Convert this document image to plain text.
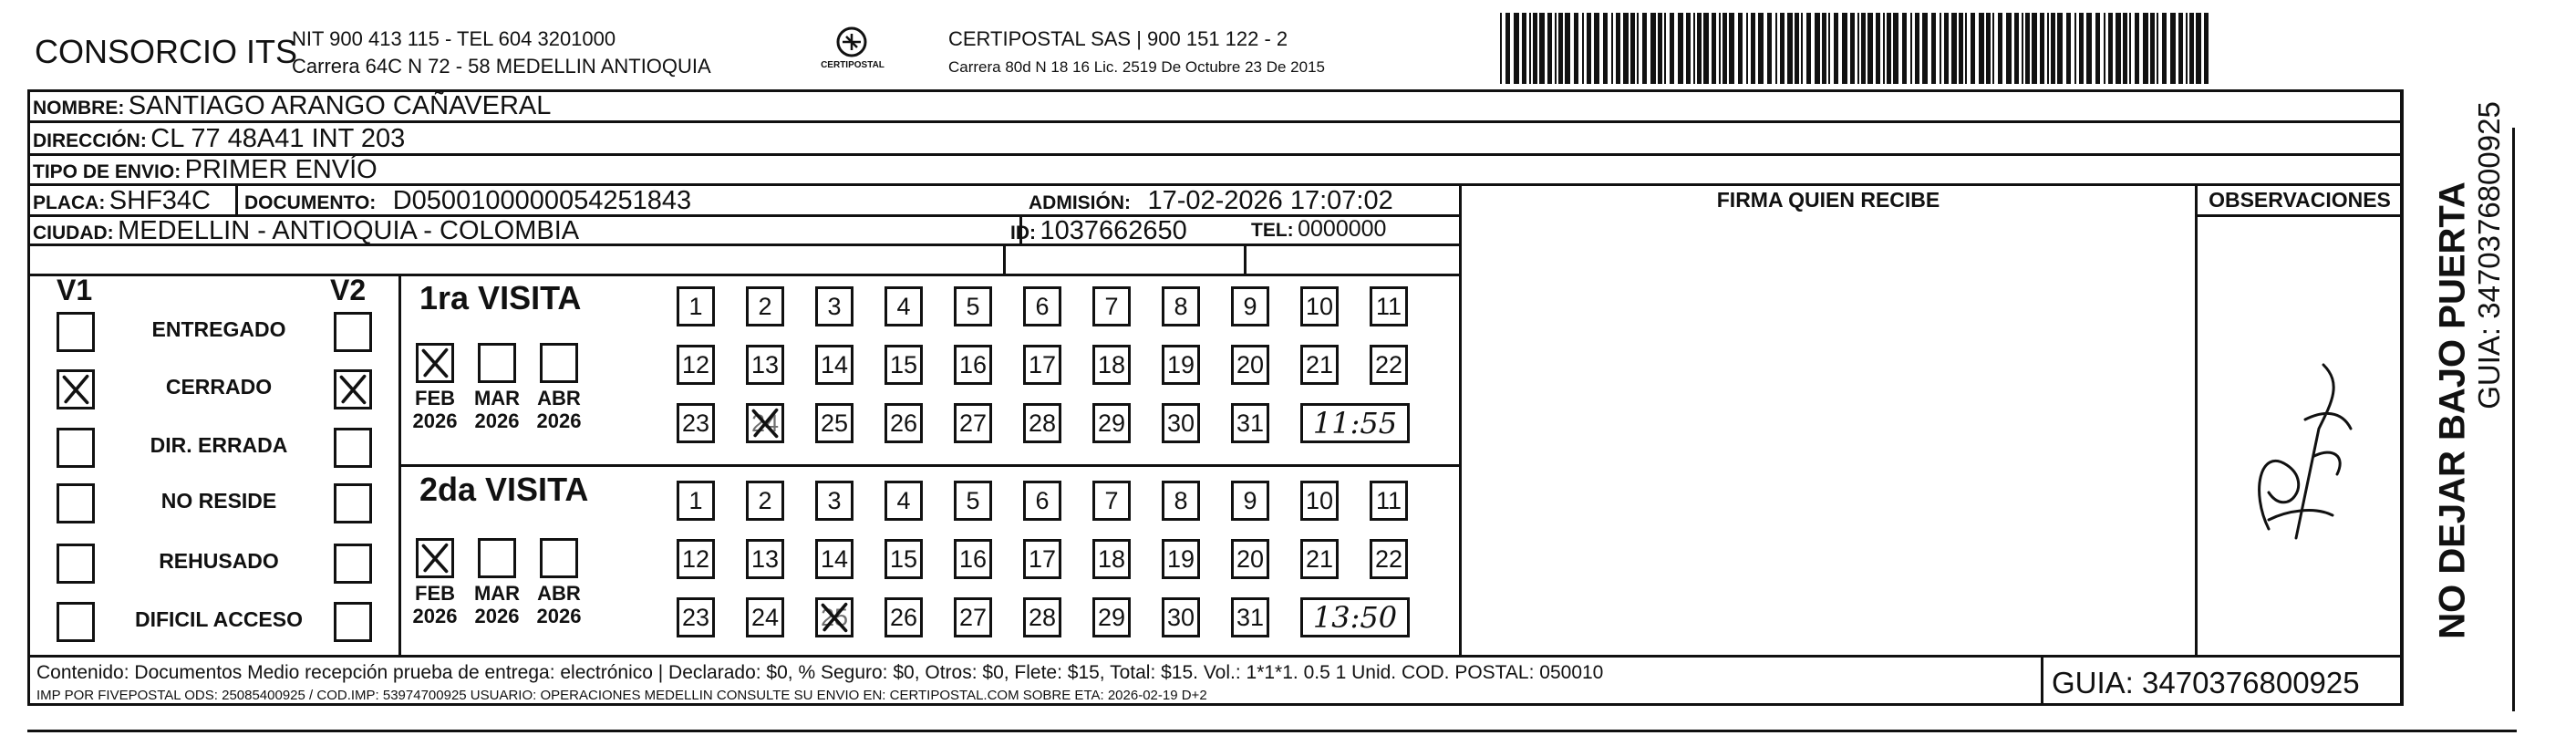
CONSORCIO ITS
NIT 900 413 115 - TEL 604 3201000
Carrera 64C N 72 - 58 MEDELLIN ANTIOQUIA	CERTIPOSTAL
CERTIPOSTAL SAS | 900 151 122 - 2
Carrera 80d N 18 16 Lic. 2519 De Octubre 23 De 2015
NOMBRE: SANTIAGO ARANGO CAÑAVERAL
DIRECCIÓN: CL 77 48A41 INT 203
TIPO DE ENVIO: PRIMER ENVÍO
PLACA: SHF34C DOCUMENTO: D0500100000054251843	ADMISIÓN: 17-02-2026 17:07:02
CIUDAD: MEDELLIN - ANTIOQUIA - COLOMBIA	ID: 1037662650	TEL: 0000000
FIRMA QUIEN RECIBE	OBSERVACIONES
V1	V2
ENTREGADO
CERRADO
DIR. ERRADA
NO RESIDE
REHUSADO
DIFICIL ACCESO
1ra VISITA
FEB
2026
MAR
2026
ABR
2026
1	2	3	4	5	6	7	8	9	10 11
12 13 14 15 16 17 18 19 20 21 22
23 24 25 26 27 28 29 30 31	11:55
2da VISITA
FEB
2026
MAR
2026
ABR
2026
1	2	3	4	5	6	7	8	9	10 11
12 13 14 15 16 17 18 19 20 21 22
23 24 25 26 27 28 29 30 31	13:50
Contenido: Documentos Medio recepción prueba de entrega: electrónico | Declarado: $0, % Seguro: $0, Otros: $0, Flete: $15, Total: $15. Vol.: 1*1*1. 0.5 1 Unid. COD. POSTAL: 050010
IMP POR FIVEPOSTAL ODS: 25085400925 / COD.IMP: 53974700925 USUARIO: OPERACIONES MEDELLIN CONSULTE SU ENVIO EN: CERTIPOSTAL.COM SOBRE ETA: 2026-02-19 D+2	GUIA: 3470376800925
NO DEJAR BAJO PUERTA GUIA: 3470376800925
